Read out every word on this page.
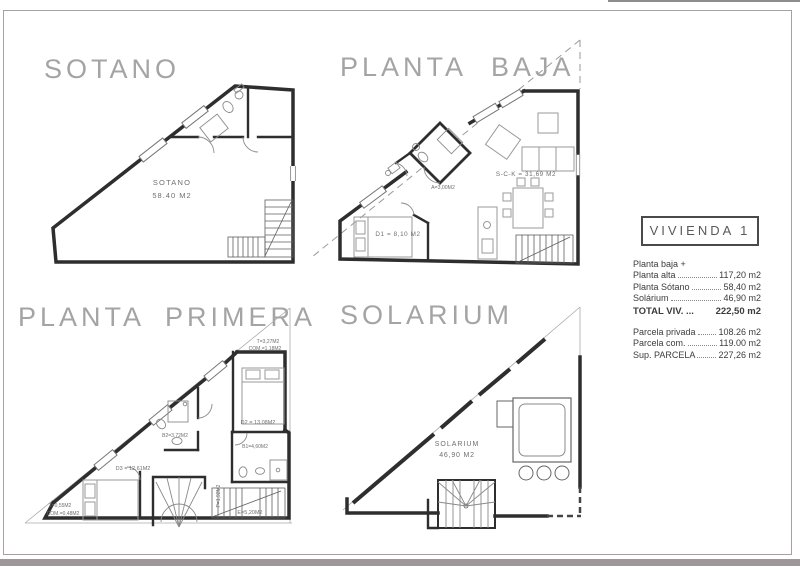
SOTANO	PLANTA BAJA
PLANTA PRIMERA SOLARIUM
SOTANO
58.40 M2
S-C-K = 31,69 M2
A=3,00M2
D1 = 8,10 M2
T=3,27M2
COM.=1,18M2
D2 = 13,08M2
B2=3,72M2
B1=4,60M2
D3 = 12,61M2
P=1,92M2
E=5,20M2
T=0,55M2
COM.=0,48M2
SOLARIUM
46,90 M2
VIVIENDA 1
Planta baja +
Planta alta	117,20 m2
Planta Sótano	58,40 m2
Solárium	46,90 m2
TOTAL VIV. ... 222,50 m2
Parcela privada	108.26 m2
Parcela com.	119.00 m2
Sup. PARCELA	227,26 m2
